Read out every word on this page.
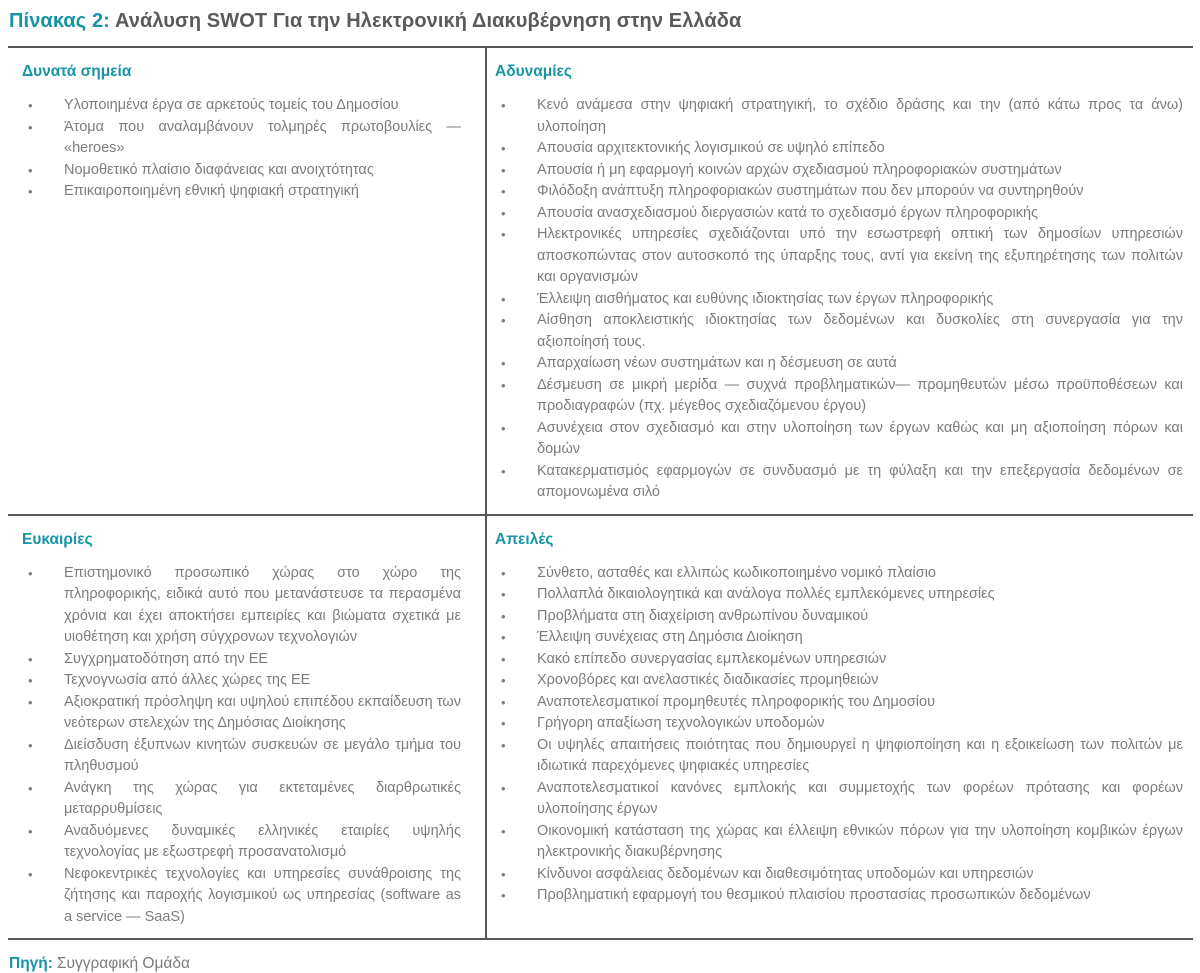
Πίνακας 2: Ανάλυση SWOT Για την Ηλεκτρονική Διακυβέρνηση στην Ελλάδα
Δυνατά σημεία
•
Υλοποιημένα έργα σε αρκετούς τομείς του Δημοσίου
•
Άτομα που αναλαμβάνουν τολμηρές πρωτοβουλίες — «heroes»
•
Νομοθετικό πλαίσιο διαφάνειας και ανοιχτότητας
•
Επικαιροποιημένη εθνική ψηφιακή στρατηγική
Αδυναμίες
•
Κενό ανάμεσα στην ψηφιακή στρατηγική, το σχέδιο δράσης και την (από κάτω προς τα άνω) υλοποίηση
•
Απουσία αρχιτεκτονικής λογισμικού σε υψηλό επίπεδο
•
Απουσία ή μη εφαρμογή κοινών αρχών σχεδιασμού πληροφοριακών συστημάτων
•
Φιλόδοξη ανάπτυξη πληροφοριακών συστημάτων που δεν μπορούν να συντηρηθούν
•
Απουσία ανασχεδιασμού διεργασιών κατά το σχεδιασμό έργων πληροφορικής
•
Ηλεκτρονικές υπηρεσίες σχεδιάζονται υπό την εσωστρεφή οπτική των δημοσίων υπηρεσιών αποσκοπώντας στον αυτοσκοπό της ύπαρξης τους, αντί για εκείνη της εξυπηρέτησης των πολιτών και οργανισμών
•
Έλλειψη αισθήματος και ευθύνης ιδιοκτησίας των έργων πληροφορικής
•
Αίσθηση αποκλειστικής ιδιοκτησίας των δεδομένων και δυσκολίες στη συνεργασία για την αξιοποίησή τους.
•
Απαρχαίωση νέων συστημάτων και η δέσμευση σε αυτά
•
Δέσμευση σε μικρή μερίδα — συχνά προβληματικών— προμηθευτών μέσω προϋποθέσεων και προδιαγραφών (πχ. μέγεθος σχεδιαζόμενου έργου)
•
Ασυνέχεια στον σχεδιασμό και στην υλοποίηση των έργων καθώς και μη αξιοποίηση πόρων και δομών
•
Κατακερματισμός εφαρμογών σε συνδυασμό με τη φύλαξη και την επεξεργασία δεδομένων σε απομονωμένα σιλό
Ευκαιρίες
•
Επιστημονικό προσωπικό χώρας στο χώρο της πληροφορικής, ειδικά αυτό που μετανάστευσε τα περασμένα χρόνια και έχει αποκτήσει εμπειρίες και βιώματα σχετικά με υιοθέτηση και χρήση σύγχρονων τεχνολογιών
•
Συγχρηματοδότηση από την ΕΕ
•
Τεχνογνωσία από άλλες χώρες της ΕΕ
•
Αξιοκρατική πρόσληψη και υψηλού επιπέδου εκπαίδευση των νεότερων στελεχών της Δημόσιας Διοίκησης
•
Διείσδυση έξυπνων κινητών συσκευών σε μεγάλο τμήμα του πληθυσμού
•
Ανάγκη της χώρας για εκτεταμένες διαρθρωτικές μεταρρυθμίσεις
•
Αναδυόμενες δυναμικές ελληνικές εταιρίες υψηλής τεχνολογίας με εξωστρεφή προσανατολισμό
•
Νεφοκεντρικές τεχνολογίες και υπηρεσίες συνάθροισης της ζήτησης και παροχής λογισμικού ως υπηρεσίας (software as a service — SaaS)
Απειλές
•
Σύνθετο, ασταθές και ελλιπώς κωδικοποιημένο νομικό πλαίσιο
•
Πολλαπλά δικαιολογητικά και ανάλογα πολλές εμπλεκόμενες υπηρεσίες
•
Προβλήματα στη διαχείριση ανθρωπίνου δυναμικού
•
Έλλειψη συνέχειας στη Δημόσια Διοίκηση
•
Κακό επίπεδο συνεργασίας εμπλεκομένων υπηρεσιών
•
Χρονοβόρες και ανελαστικές διαδικασίες προμηθειών
•
Αναποτελεσματικοί προμηθευτές πληροφορικής του Δημοσίου
•
Γρήγορη απαξίωση τεχνολογικών υποδομών
•
Οι υψηλές απαιτήσεις ποιότητας που δημιουργεί η ψηφιοποίηση και η εξοικείωση των πολιτών με ιδιωτικά παρεχόμενες ψηφιακές υπηρεσίες
•
Αναποτελεσματικοί κανόνες εμπλοκής και συμμετοχής των φορέων πρότασης και φορέων υλοποίησης έργων
•
Οικονομική κατάσταση της χώρας και έλλειψη εθνικών πόρων για την υλοποίηση κομβικών έργων ηλεκτρονικής διακυβέρνησης
•
Κίνδυνοι ασφάλειας δεδομένων και διαθεσιμότητας υποδομών και υπηρεσιών
•
Προβληματική εφαρμογή του θεσμικού πλαισίου προστασίας προσωπικών δεδομένων
Πηγή: Συγγραφική Ομάδα
